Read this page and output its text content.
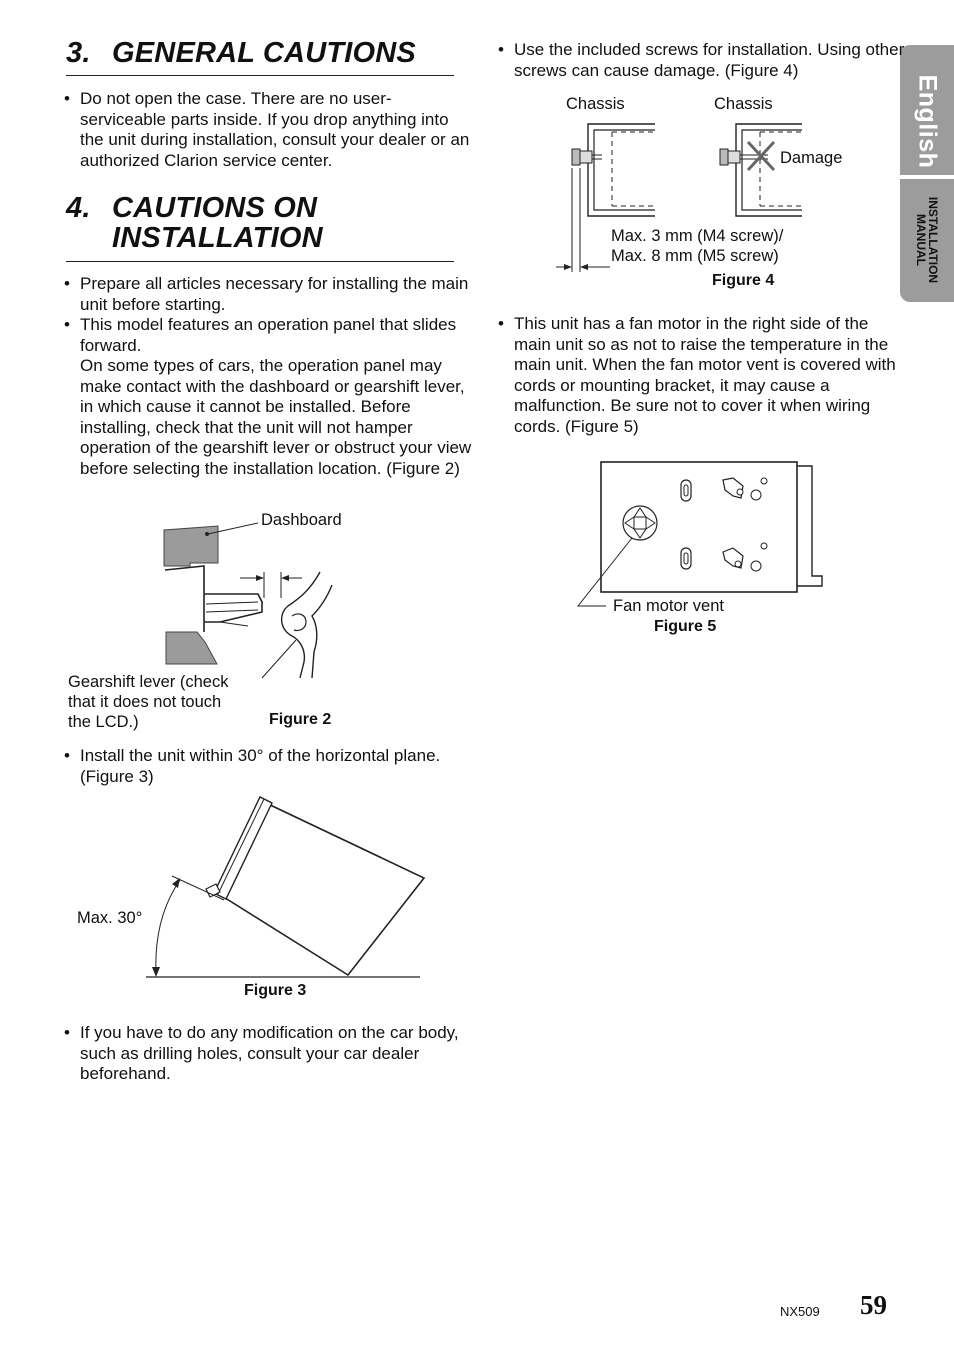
English
INSTALLATION
MANUAL
3. GENERAL CAUTIONS
• Do not open the case. There are no user-serviceable parts inside. If you drop anything into the unit during installation, consult your dealer or an authorized Clarion service center.

4. CAUTIONS ON
INSTALLATION
• Prepare all articles necessary for installing the main unit before starting.

• This model features an operation panel that slides forward.

On some types of cars, the operation panel may make contact with the dashboard or gearshift lever, in which cause it cannot be installed. Before installing, check that the unit will not hamper operation of the gearshift lever or obstruct your view before selecting the installation location. (Figure 2)

Dashboard
Gearshift lever (check
that it does not touch
the LCD.)	Figure 2
• Install the unit within 30° of the horizontal plane. (Figure 3)

Max. 30°
Figure 3
• If you have to do any modification on the car body, such as drilling holes, consult your car dealer beforehand.

• Use the included screws for installation. Using other screws can cause damage. (Figure 4)

Chassis	Chassis
Damage
Max. 3 mm (M4 screw)/
Max. 8 mm (M5 screw)
Figure 4
• This unit has a fan motor in the right side of the main unit so as not to raise the temperature in the main unit. When the fan motor vent is covered with cords or mounting bracket, it may cause a malfunction. Be sure not to cover it when wiring cords. (Figure 5)

Fan motor vent
Figure 5
NX509 59
